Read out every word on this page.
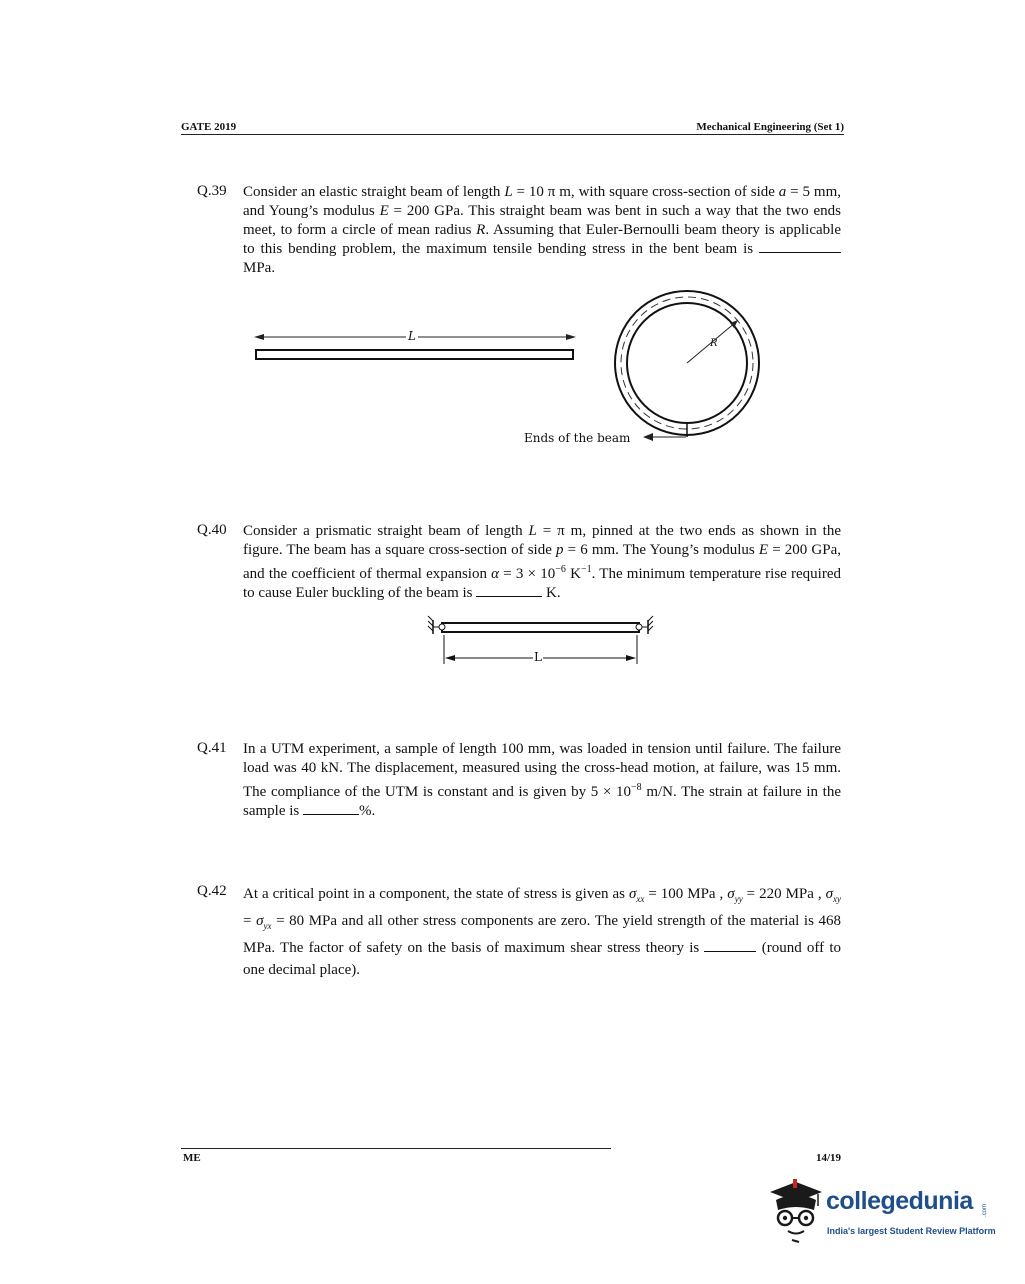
GATE 2019	Mechanical Engineering (Set 1)
Q.39 Consider an elastic straight beam of length L = 10 π m, with square cross-section of side a = 5 mm, and Young’s modulus E = 200 GPa. This straight beam was bent in such a way that the two ends meet, to form a circle of mean radius R. Assuming that Euler-Bernoulli beam theory is applicable to this bending problem, the maximum tensile bending stress in the bent beam is  MPa.
L
R
Ends of the beam
Q.40 Consider a prismatic straight beam of length L = π m, pinned at the two ends as shown in the figure. The beam has a square cross-section of side p = 6 mm. The Young’s modulus E = 200 GPa, and the coefficient of thermal expansion $\alpha = 3 \times 10^{-6}$ $K^{-1}$. The minimum temperature rise required to cause Euler buckling of the beam is	K.
L
Q.41 In a UTM experiment, a sample of length 100 mm, was loaded in tension until failure. The failure load was 40 kN. The displacement, measured using the cross-head motion, at failure, was 15 mm. The compliance of the UTM is constant and is given by $5 \times 10^{-8}$ m/N. The strain at failure in the sample is	%.
Q.42 At a critical point in a component, the state of stress is given as $\sigma_{xx} = 100$ MPa , $\sigma_{yy} = 220$ MPa , $\sigma_{xy} = \sigma_{yx} = 80$ MPa and all other stress components are zero. The yield strength of the material is 468 MPa. The factor of safety on the basis of maximum shear stress theory is	(round off to one decimal place).
ME	14/19
collegedunia .com
India's largest Student Review Platform
